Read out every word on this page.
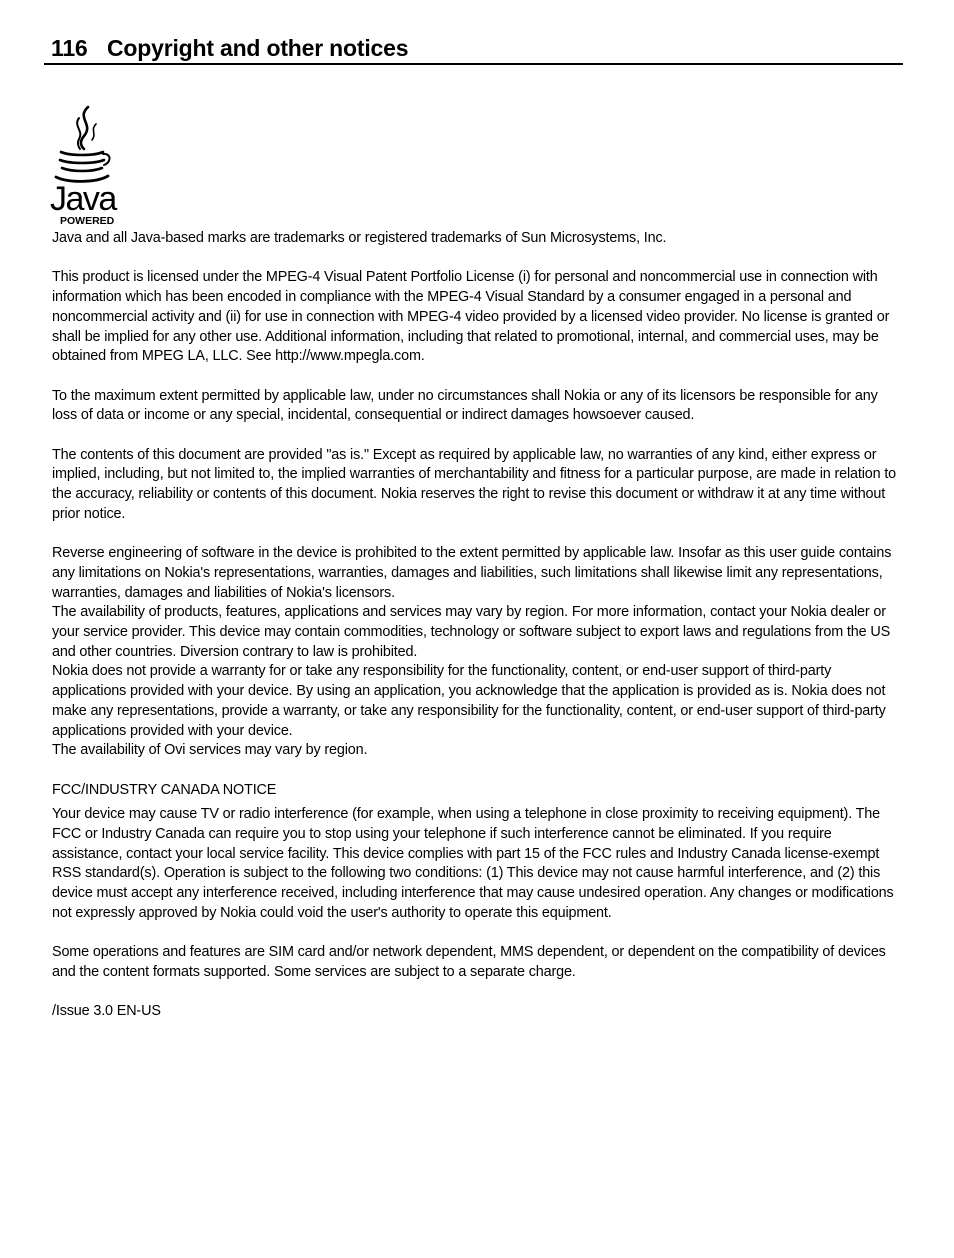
116 Copyright and other notices
Java
POWERED

Java and all Java-based marks are trademarks or registered trademarks of Sun Microsystems, Inc.

This product is licensed under the MPEG-4 Visual Patent Portfolio License (i) for personal and noncommercial use in connection with information which has been encoded in compliance with the MPEG-4 Visual Standard by a consumer engaged in a personal and noncommercial activity and (ii) for use in connection with MPEG-4 video provided by a licensed video provider. No license is granted or shall be implied for any other use. Additional information, including that related to promotional, internal, and commercial uses, may be obtained from MPEG LA, LLC. See http://www.mpegla.com.

To the maximum extent permitted by applicable law, under no circumstances shall Nokia or any of its licensors be responsible for any loss of data or income or any special, incidental, consequential or indirect damages howsoever caused.

The contents of this document are provided "as is." Except as required by applicable law, no warranties of any kind, either express or implied, including, but not limited to, the implied warranties of merchantability and fitness for a particular purpose, are made in relation to the accuracy, reliability or contents of this document. Nokia reserves the right to revise this document or withdraw it at any time without prior notice.

Reverse engineering of software in the device is prohibited to the extent permitted by applicable law. Insofar as this user guide contains any limitations on Nokia's representations, warranties, damages and liabilities, such limitations shall likewise limit any representations, warranties, damages and liabilities of Nokia's licensors.

The availability of products, features, applications and services may vary by region. For more information, contact your Nokia dealer or your service provider. This device may contain commodities, technology or software subject to export laws and regulations from the US and other countries. Diversion contrary to law is prohibited.

Nokia does not provide a warranty for or take any responsibility for the functionality, content, or end-user support of third-party applications provided with your device. By using an application, you acknowledge that the application is provided as is. Nokia does not make any representations, provide a warranty, or take any responsibility for the functionality, content, or end-user support of third-party applications provided with your device.

The availability of Ovi services may vary by region.

FCC/INDUSTRY CANADA NOTICE

Your device may cause TV or radio interference (for example, when using a telephone in close proximity to receiving equipment). The FCC or Industry Canada can require you to stop using your telephone if such interference cannot be eliminated. If you require assistance, contact your local service facility. This device complies with part 15 of the FCC rules and Industry Canada license-exempt RSS standard(s). Operation is subject to the following two conditions: (1) This device may not cause harmful interference, and (2) this device must accept any interference received, including interference that may cause undesired operation. Any changes or modifications not expressly approved by Nokia could void the user's authority to operate this equipment.

Some operations and features are SIM card and/or network dependent, MMS dependent, or dependent on the compatibility of devices and the content formats supported. Some services are subject to a separate charge.

/Issue 3.0 EN-US
